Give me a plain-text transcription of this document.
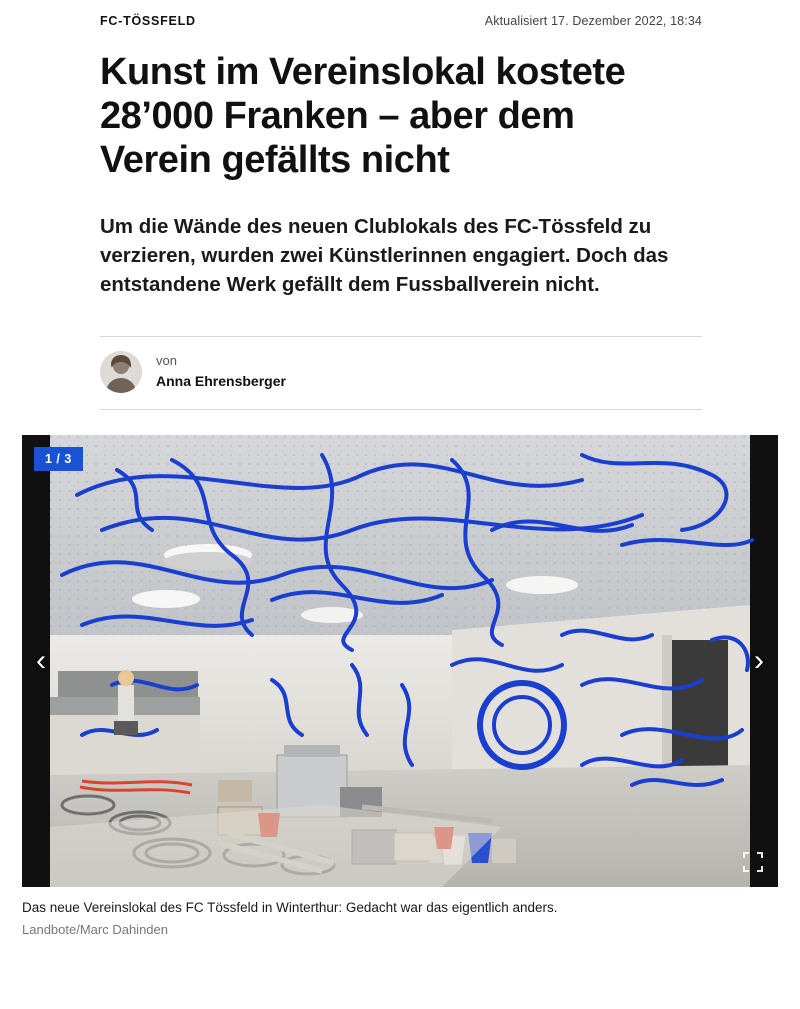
FC-TÖSSFELD	Aktualisiert 17. Dezember 2022, 18:34
Kunst im Vereinslokal kostete 28’000 Franken – aber dem Verein gefällts nicht

Um die Wände des neuen Clublokals des FC-Tössfeld zu verzieren, wurden zwei Künstlerinnen engagiert. Doch das entstandene Werk gefällt dem Fussballverein nicht.

von
Anna Ehrensberger
1 / 3
‹	›
Das neue Vereinslokal des FC Tössfeld in Winterthur: Gedacht war das eigentlich anders.
Landbote/Marc Dahinden
